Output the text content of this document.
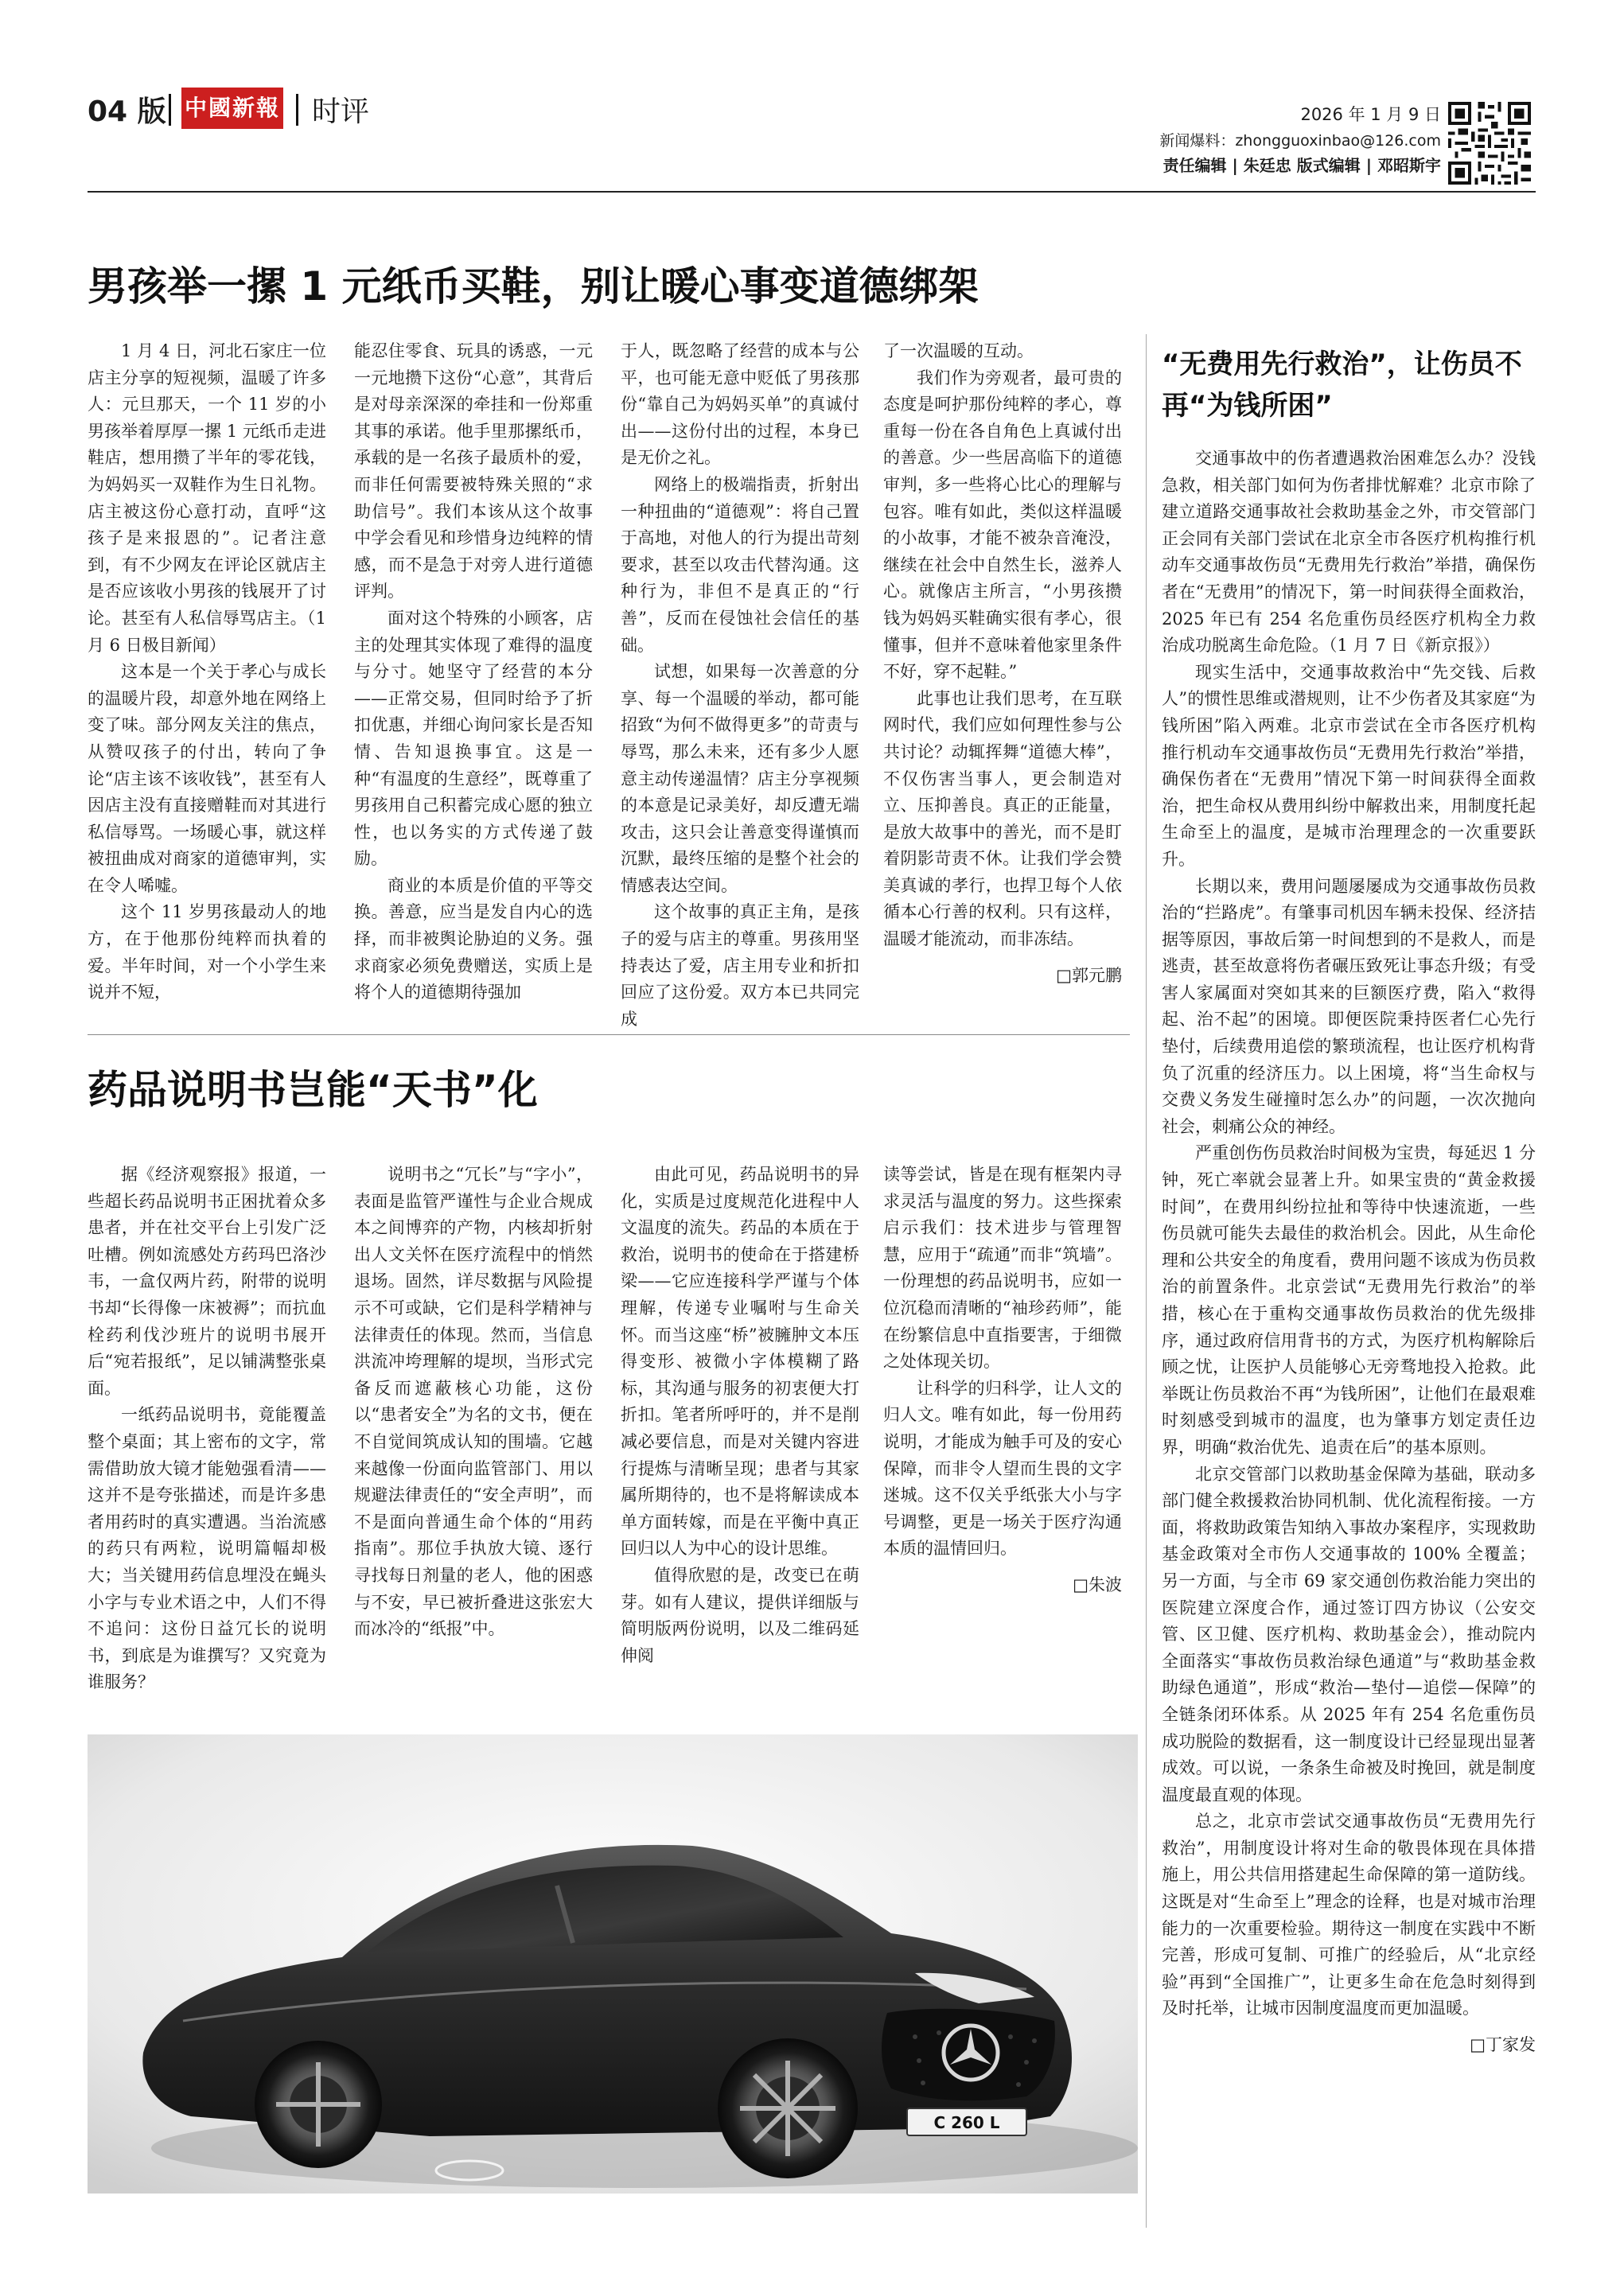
04 版 中國新報 时评	2026 年 1 月 9 日
新闻爆料：zhongguoxinbao@126.com
责任编辑 | 朱廷忠 版式编辑 | 邓昭斯宇
男孩举一摞 1 元纸币买鞋，别让暖心事变道德绑架

1 月 4 日，河北石家庄一位店主分享的短视频，温暖了许多人：元旦那天，一个 11 岁的小男孩举着厚厚一摞 1 元纸币走进鞋店，想用攒了半年的零花钱，为妈妈买一双鞋作为生日礼物。店主被这份心意打动，直呼“这孩子是来报恩的”。记者注意到，有不少网友在评论区就店主是否应该收小男孩的钱展开了讨论。甚至有人私信辱骂店主。（1 月 6 日极目新闻）

这本是一个关于孝心与成长的温暖片段，却意外地在网络上变了味。部分网友关注的焦点，从赞叹孩子的付出，转向了争论“店主该不该收钱”，甚至有人因店主没有直接赠鞋而对其进行私信辱骂。一场暖心事，就这样被扭曲成对商家的道德审判，实在令人唏嘘。

这个 11 岁男孩最动人的地方，在于他那份纯粹而执着的爱。半年时间，对一个小学生来说并不短，

能忍住零食、玩具的诱惑，一元一元地攒下这份“心意”，其背后是对母亲深深的牵挂和一份郑重其事的承诺。他手里那摞纸币，承载的是一名孩子最质朴的爱，而非任何需要被特殊关照的“求助信号”。我们本该从这个故事中学会看见和珍惜身边纯粹的情感，而不是急于对旁人进行道德评判。

面对这个特殊的小顾客，店主的处理其实体现了难得的温度与分寸。她坚守了经营的本分——正常交易，但同时给予了折扣优惠，并细心询问家长是否知情、告知退换事宜。这是一种“有温度的生意经”，既尊重了男孩用自己积蓄完成心愿的独立性，也以务实的方式传递了鼓励。

商业的本质是价值的平等交换。善意，应当是发自内心的选择，而非被舆论胁迫的义务。强求商家必须免费赠送，实质上是将个人的道德期待强加

于人，既忽略了经营的成本与公平，也可能无意中贬低了男孩那份“靠自己为妈妈买单”的真诚付出——这份付出的过程，本身已是无价之礼。

网络上的极端指责，折射出一种扭曲的“道德观”：将自己置于高地，对他人的行为提出苛刻要求，甚至以攻击代替沟通。这种行为，非但不是真正的“行善”，反而在侵蚀社会信任的基础。

试想，如果每一次善意的分享、每一个温暖的举动，都可能招致“为何不做得更多”的苛责与辱骂，那么未来，还有多少人愿意主动传递温情？店主分享视频的本意是记录美好，却反遭无端攻击，这只会让善意变得谨慎而沉默，最终压缩的是整个社会的情感表达空间。

这个故事的真正主角，是孩子的爱与店主的尊重。男孩用坚持表达了爱，店主用专业和折扣回应了这份爱。双方本已共同完成

了一次温暖的互动。

我们作为旁观者，最可贵的态度是呵护那份纯粹的孝心，尊重每一份在各自角色上真诚付出的善意。少一些居高临下的道德审判，多一些将心比心的理解与包容。唯有如此，类似这样温暖的小故事，才能不被杂音淹没，继续在社会中自然生长，滋养人心。就像店主所言，“小男孩攒钱为妈妈买鞋确实很有孝心，很懂事，但并不意味着他家里条件不好，穿不起鞋。”

此事也让我们思考，在互联网时代，我们应如何理性参与公共讨论？动辄挥舞“道德大棒”，不仅伤害当事人，更会制造对立、压抑善良。真正的正能量，是放大故事中的善光，而不是盯着阴影苛责不休。让我们学会赞美真诚的孝行，也捍卫每个人依循本心行善的权利。只有这样，温暖才能流动，而非冻结。

□郭元鹏
药品说明书岂能“天书”化

据《经济观察报》报道，一些超长药品说明书正困扰着众多患者，并在社交平台上引发广泛吐槽。例如流感处方药玛巴洛沙韦，一盒仅两片药，附带的说明书却“长得像一床被褥”；而抗血栓药利伐沙班片的说明书展开后“宛若报纸”，足以铺满整张桌面。

一纸药品说明书，竟能覆盖整个桌面；其上密布的文字，常需借助放大镜才能勉强看清——这并不是夸张描述，而是许多患者用药时的真实遭遇。当治流感的药只有两粒，说明篇幅却极大；当关键用药信息埋没在蝇头小字与专业术语之中，人们不得不追问：这份日益冗长的说明书，到底是为谁撰写？又究竟为谁服务？

说明书之“冗长”与“字小”，表面是监管严谨性与企业合规成本之间博弈的产物，内核却折射出人文关怀在医疗流程中的悄然退场。固然，详尽数据与风险提示不可或缺，它们是科学精神与法律责任的体现。然而，当信息洪流冲垮理解的堤坝，当形式完备反而遮蔽核心功能，这份以“患者安全”为名的文书，便在不自觉间筑成认知的围墙。它越来越像一份面向监管部门、用以规避法律责任的“安全声明”，而不是面向普通生命个体的“用药指南”。那位手执放大镜、逐行寻找每日剂量的老人，他的困惑与不安，早已被折叠进这张宏大而冰冷的“纸报”中。

由此可见，药品说明书的异化，实质是过度规范化进程中人文温度的流失。药品的本质在于救治，说明书的使命在于搭建桥梁——它应连接科学严谨与个体理解，传递专业嘱咐与生命关怀。而当这座“桥”被臃肿文本压得变形、被微小字体模糊了路标，其沟通与服务的初衷便大打折扣。笔者所呼吁的，并不是削减必要信息，而是对关键内容进行提炼与清晰呈现；患者与其家属所期待的，也不是将解读成本单方面转嫁，而是在平衡中真正回归以人为中心的设计思维。

值得欣慰的是，改变已在萌芽。如有人建议，提供详细版与简明版两份说明，以及二维码延伸阅

读等尝试，皆是在现有框架内寻求灵活与温度的努力。这些探索启示我们：技术进步与管理智慧，应用于“疏通”而非“筑墙”。一份理想的药品说明书，应如一位沉稳而清晰的“袖珍药师”，能在纷繁信息中直指要害，于细微之处体现关切。

让科学的归科学，让人文的归人文。唯有如此，每一份用药说明，才能成为触手可及的安心保障，而非令人望而生畏的文字迷城。这不仅关乎纸张大小与字号调整，更是一场关于医疗沟通本质的温情回归。

□朱波
C 260 L
“无费用先行救治”，让伤员不再“为钱所困”

交通事故中的伤者遭遇救治困难怎么办？没钱急救，相关部门如何为伤者排忧解难？北京市除了建立道路交通事故社会救助基金之外，市交管部门正会同有关部门尝试在北京全市各医疗机构推行机动车交通事故伤员“无费用先行救治”举措，确保伤者在“无费用”的情况下，第一时间获得全面救治，2025 年已有 254 名危重伤员经医疗机构全力救治成功脱离生命危险。（1 月 7 日《新京报》）

现实生活中，交通事故救治中“先交钱、后救人”的惯性思维或潜规则，让不少伤者及其家庭“为钱所困”陷入两难。北京市尝试在全市各医疗机构推行机动车交通事故伤员“无费用先行救治”举措，确保伤者在“无费用”情况下第一时间获得全面救治，把生命权从费用纠纷中解救出来，用制度托起生命至上的温度，是城市治理理念的一次重要跃升。

长期以来，费用问题屡屡成为交通事故伤员救治的“拦路虎”。有肇事司机因车辆未投保、经济拮据等原因，事故后第一时间想到的不是救人，而是逃责，甚至故意将伤者碾压致死让事态升级；有受害人家属面对突如其来的巨额医疗费，陷入“救得起、治不起”的困境。即便医院秉持医者仁心先行垫付，后续费用追偿的繁琐流程，也让医疗机构背负了沉重的经济压力。以上困境，将“当生命权与交费义务发生碰撞时怎么办”的问题，一次次抛向社会，刺痛公众的神经。

严重创伤伤员救治时间极为宝贵，每延迟 1 分钟，死亡率就会显著上升。如果宝贵的“黄金救援时间”，在费用纠纷拉扯和等待中快速流逝，一些伤员就可能失去最佳的救治机会。因此，从生命伦理和公共安全的角度看，费用问题不该成为伤员救治的前置条件。北京尝试“无费用先行救治”的举措，核心在于重构交通事故伤员救治的优先级排序，通过政府信用背书的方式，为医疗机构解除后顾之忧，让医护人员能够心无旁骛地投入抢救。此举既让伤员救治不再“为钱所困”，让他们在最艰难时刻感受到城市的温度，也为肇事方划定责任边界，明确“救治优先、追责在后”的基本原则。

北京交管部门以救助基金保障为基础，联动多部门健全救援救治协同机制、优化流程衔接。一方面，将救助政策告知纳入事故办案程序，实现救助基金政策对全市伤人交通事故的 100% 全覆盖；另一方面，与全市 69 家交通创伤救治能力突出的医院建立深度合作，通过签订四方协议（公安交管、区卫健、医疗机构、救助基金会），推动院内全面落实“事故伤员救治绿色通道”与“救助基金救助绿色通道”，形成“救治—垫付—追偿—保障”的全链条闭环体系。从 2025 年有 254 名危重伤员成功脱险的数据看，这一制度设计已经显现出显著成效。可以说，一条条生命被及时挽回，就是制度温度最直观的体现。

总之，北京市尝试交通事故伤员“无费用先行救治”，用制度设计将对生命的敬畏体现在具体措施上，用公共信用搭建起生命保障的第一道防线。这既是对“生命至上”理念的诠释，也是对城市治理能力的一次重要检验。期待这一制度在实践中不断完善，形成可复制、可推广的经验后，从“北京经验”再到“全国推广”，让更多生命在危急时刻得到及时托举，让城市因制度温度而更加温暖。

□丁家发
